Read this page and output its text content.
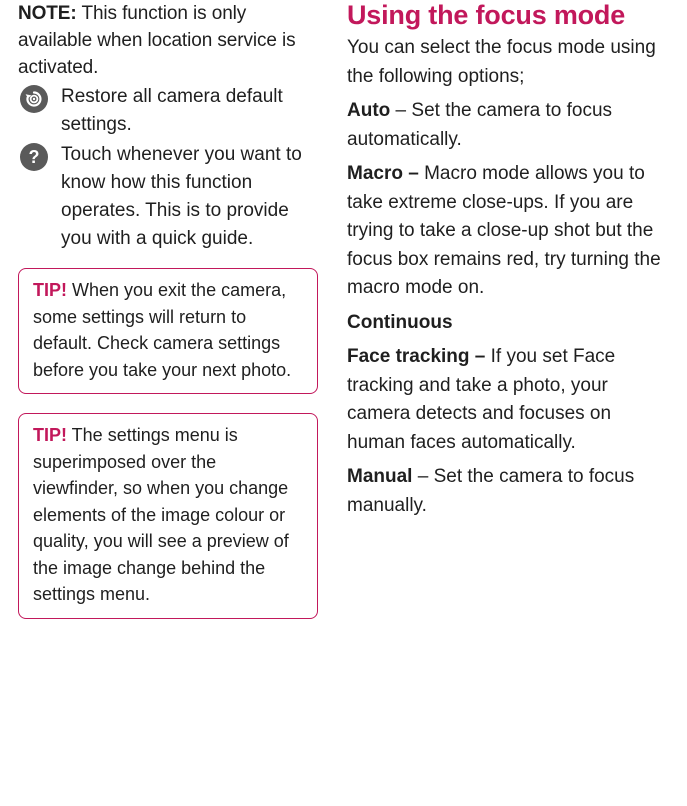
NOTE: This function is only available when location service is activated.

Restore all camera default settings.
?	Touch whenever you want to know how this function operates. This is to provide you with a quick guide.
TIP! When you exit the camera, some settings will return to default. Check camera settings before you take your next photo.
TIP! The settings menu is superimposed over the viewfinder, so when you change elements of the image colour or quality, you will see a preview of the image change behind the settings menu.
Using the focus mode

You can select the focus mode using the following options;

Auto – Set the camera to focus automatically.

Macro – Macro mode allows you to take extreme close-ups. If you are trying to take a close-up shot but the focus box remains red, try turning the macro mode on.

Continuous

Face tracking – If you set Face tracking and take a photo, your camera detects and focuses on human faces automatically.

Manual – Set the camera to focus manually.
